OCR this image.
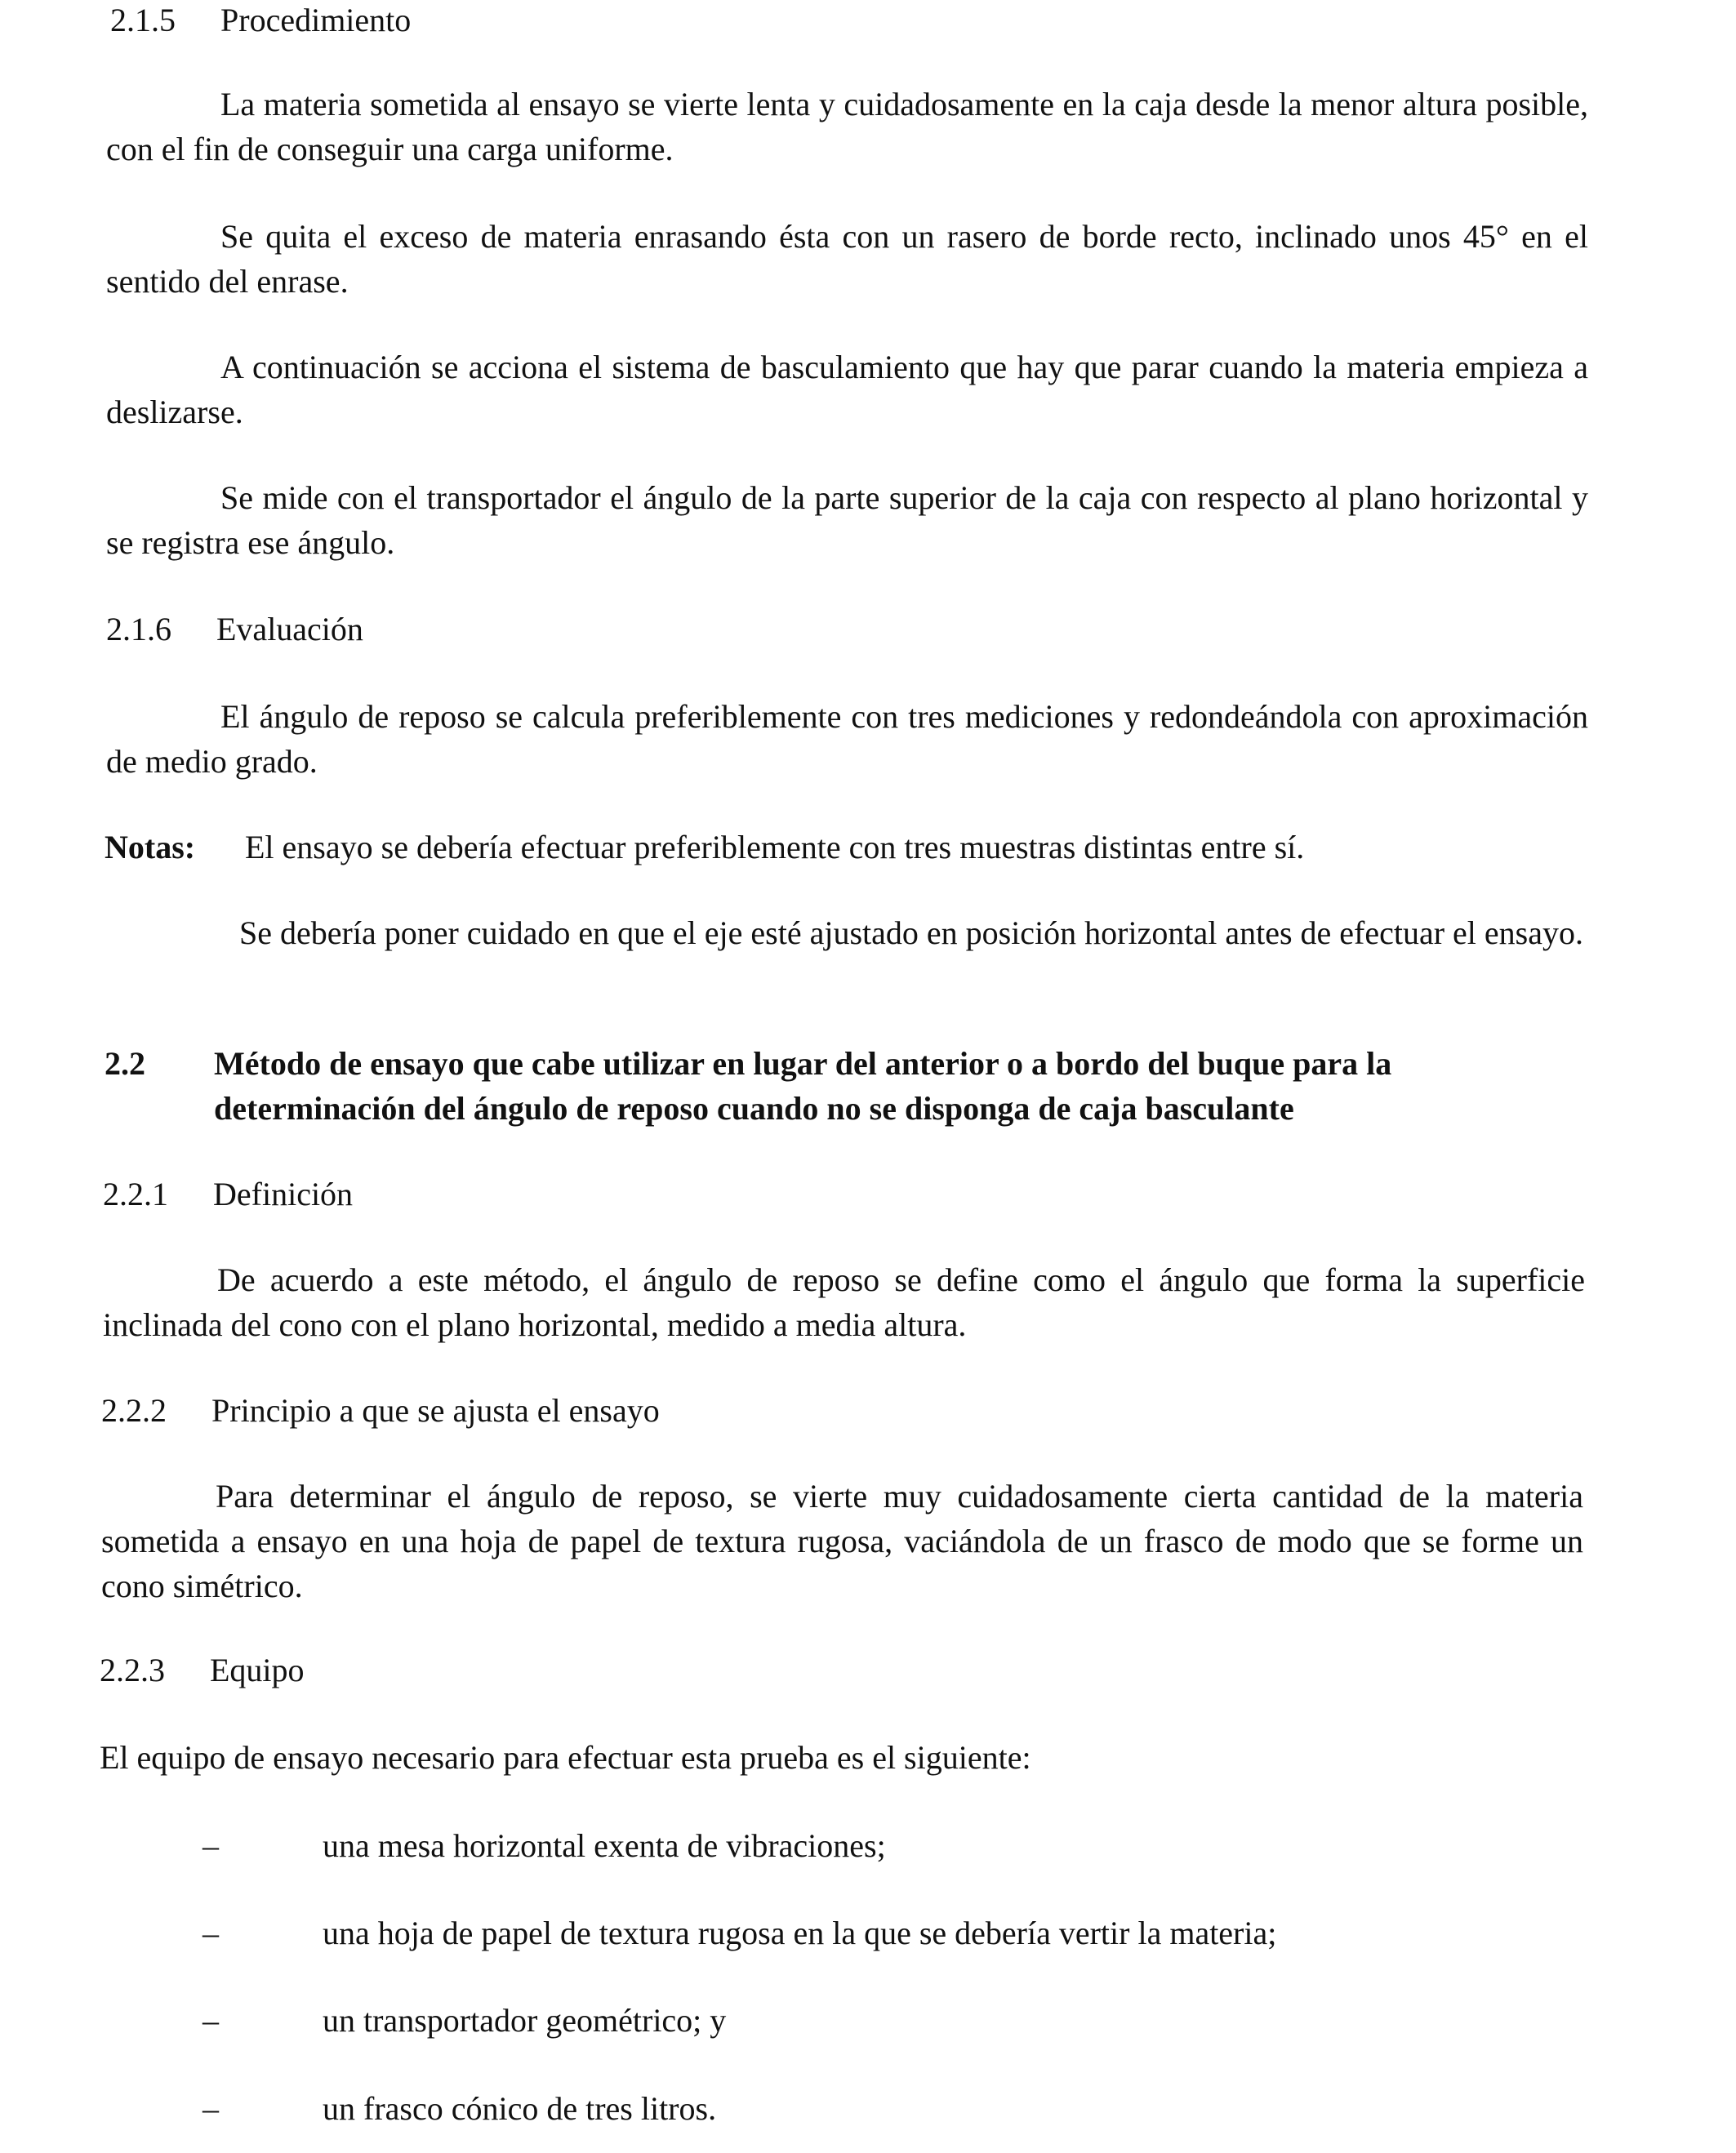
2.1.5 Procedimiento

La materia sometida al ensayo se vierte lenta y cuidadosamente en la caja desde la menor altura posible, con el fin de conseguir una carga uniforme.

Se quita el exceso de materia enrasando ésta con un rasero de borde recto, inclinado unos 45° en el sentido del enrase.

A continuación se acciona el sistema de basculamiento que hay que parar cuando la materia empieza a deslizarse.

Se mide con el transportador el ángulo de la parte superior de la caja con respecto al plano horizontal y se registra ese ángulo.

2.1.6 Evaluación

El ángulo de reposo se calcula preferiblemente con tres mediciones y redondeándola con aproximación de medio grado.

Notas: El ensayo se debería efectuar preferiblemente con tres muestras distintas entre sí.
Se debería poner cuidado en que el eje esté ajustado en posición horizontal antes de efectuar el ensayo.
2.2 Método de ensayo que cabe utilizar en lugar del anterior o a bordo del buque para la determinación del ángulo de reposo cuando no se disponga de caja basculante
2.2.1 Definición

De acuerdo a este método, el ángulo de reposo se define como el ángulo que forma la superficie inclinada del cono con el plano horizontal, medido a media altura.

2.2.2 Principio a que se ajusta el ensayo

Para determinar el ángulo de reposo, se vierte muy cuidadosamente cierta cantidad de la materia sometida a ensayo en una hoja de papel de textura rugosa, vaciándola de un frasco de modo que se forme un cono simétrico.

2.2.3 Equipo
El equipo de ensayo necesario para efectuar esta prueba es el siguiente:
–	una mesa horizontal exenta de vibraciones;
–	una hoja de papel de textura rugosa en la que se debería vertir la materia;
–	un transportador geométrico; y
–	un frasco cónico de tres litros.
